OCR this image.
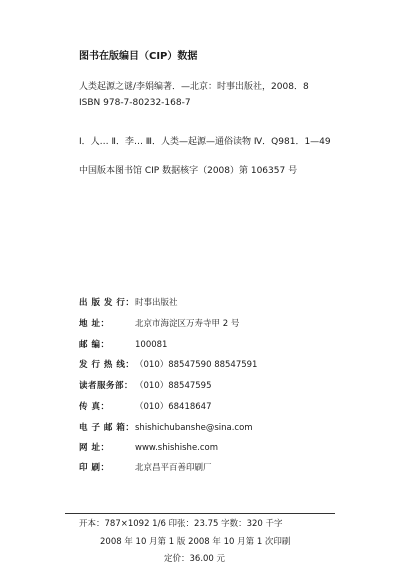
图书在版编目（CIP）数据
人类起源之谜/李娟编著．—北京：时事出版社，2008．8
ISBN 978-7-80232-168-7
Ⅰ．人… Ⅱ．李… Ⅲ．人类—起源—通俗读物 Ⅳ．Q981．1—49
中国版本图书馆 CIP 数据核字（2008）第 106357 号
出 版 发 行： 时事出版社
地 址：	北京市海淀区万寿寺甲 2 号
邮 编：	100081
发 行 热 线： （010）88547590 88547591
读者服务部： （010）88547595
传 真：	（010）68418647
电 子 邮 箱： shishichubanshe@sina.com
网 址：	www.shishishe.com
印 刷：	北京昌平百善印刷厂
开本：787×1092 1/6 印张：23.75 字数：320 千字
2008 年 10 月第 1 版 2008 年 10 月第 1 次印刷
定价：36.00 元
